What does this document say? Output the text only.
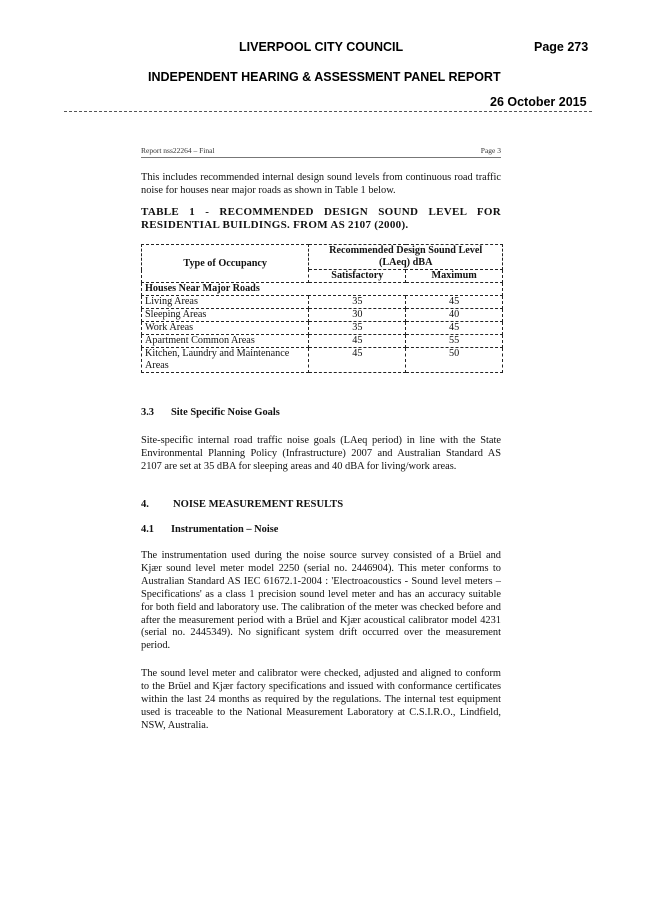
LIVERPOOL CITY COUNCIL	Page 273
INDEPENDENT HEARING & ASSESSMENT PANEL REPORT
26 October 2015
Report nss22264 – Final	Page 3
This includes recommended internal design sound levels from continuous road traffic noise for houses near major roads as shown in Table 1 below.
TABLE 1 - RECOMMENDED DESIGN SOUND LEVEL FOR RESIDENTIAL BUILDINGS. FROM AS 2107 (2000).
Type of Occupancy	Recommended Design Sound Level (LAeq) dBA	
	Satisfactory	Maximum
Houses Near Major Roads		
Living Areas	35	45
Sleeping Areas	30	40
Work Areas	35	45
Apartment Common Areas	45	55
Kitchen, Laundry and Maintenance Areas	45	50
3.3 Site Specific Noise Goals
Site-specific internal road traffic noise goals (LAeq period) in line with the State Environmental Planning Policy (Infrastructure) 2007 and Australian Standard AS 2107 are set at 35 dBA for sleeping areas and 40 dBA for living/work areas.
4. NOISE MEASUREMENT RESULTS
4.1 Instrumentation – Noise
The instrumentation used during the noise source survey consisted of a Brüel and Kjær sound level meter model 2250 (serial no. 2446904). This meter conforms to Australian Standard AS IEC 61672.1-2004 : 'Electroacoustics - Sound level meters – Specifications' as a class 1 precision sound level meter and has an accuracy suitable for both field and laboratory use. The calibration of the meter was checked before and after the measurement period with a Brüel and Kjær acoustical calibrator model 4231 (serial no. 2445349). No significant system drift occurred over the measurement period.
The sound level meter and calibrator were checked, adjusted and aligned to conform to the Brüel and Kjær factory specifications and issued with conformance certificates within the last 24 months as required by the regulations. The internal test equipment used is traceable to the National Measurement Laboratory at C.S.I.R.O., Lindfield, NSW, Australia.
